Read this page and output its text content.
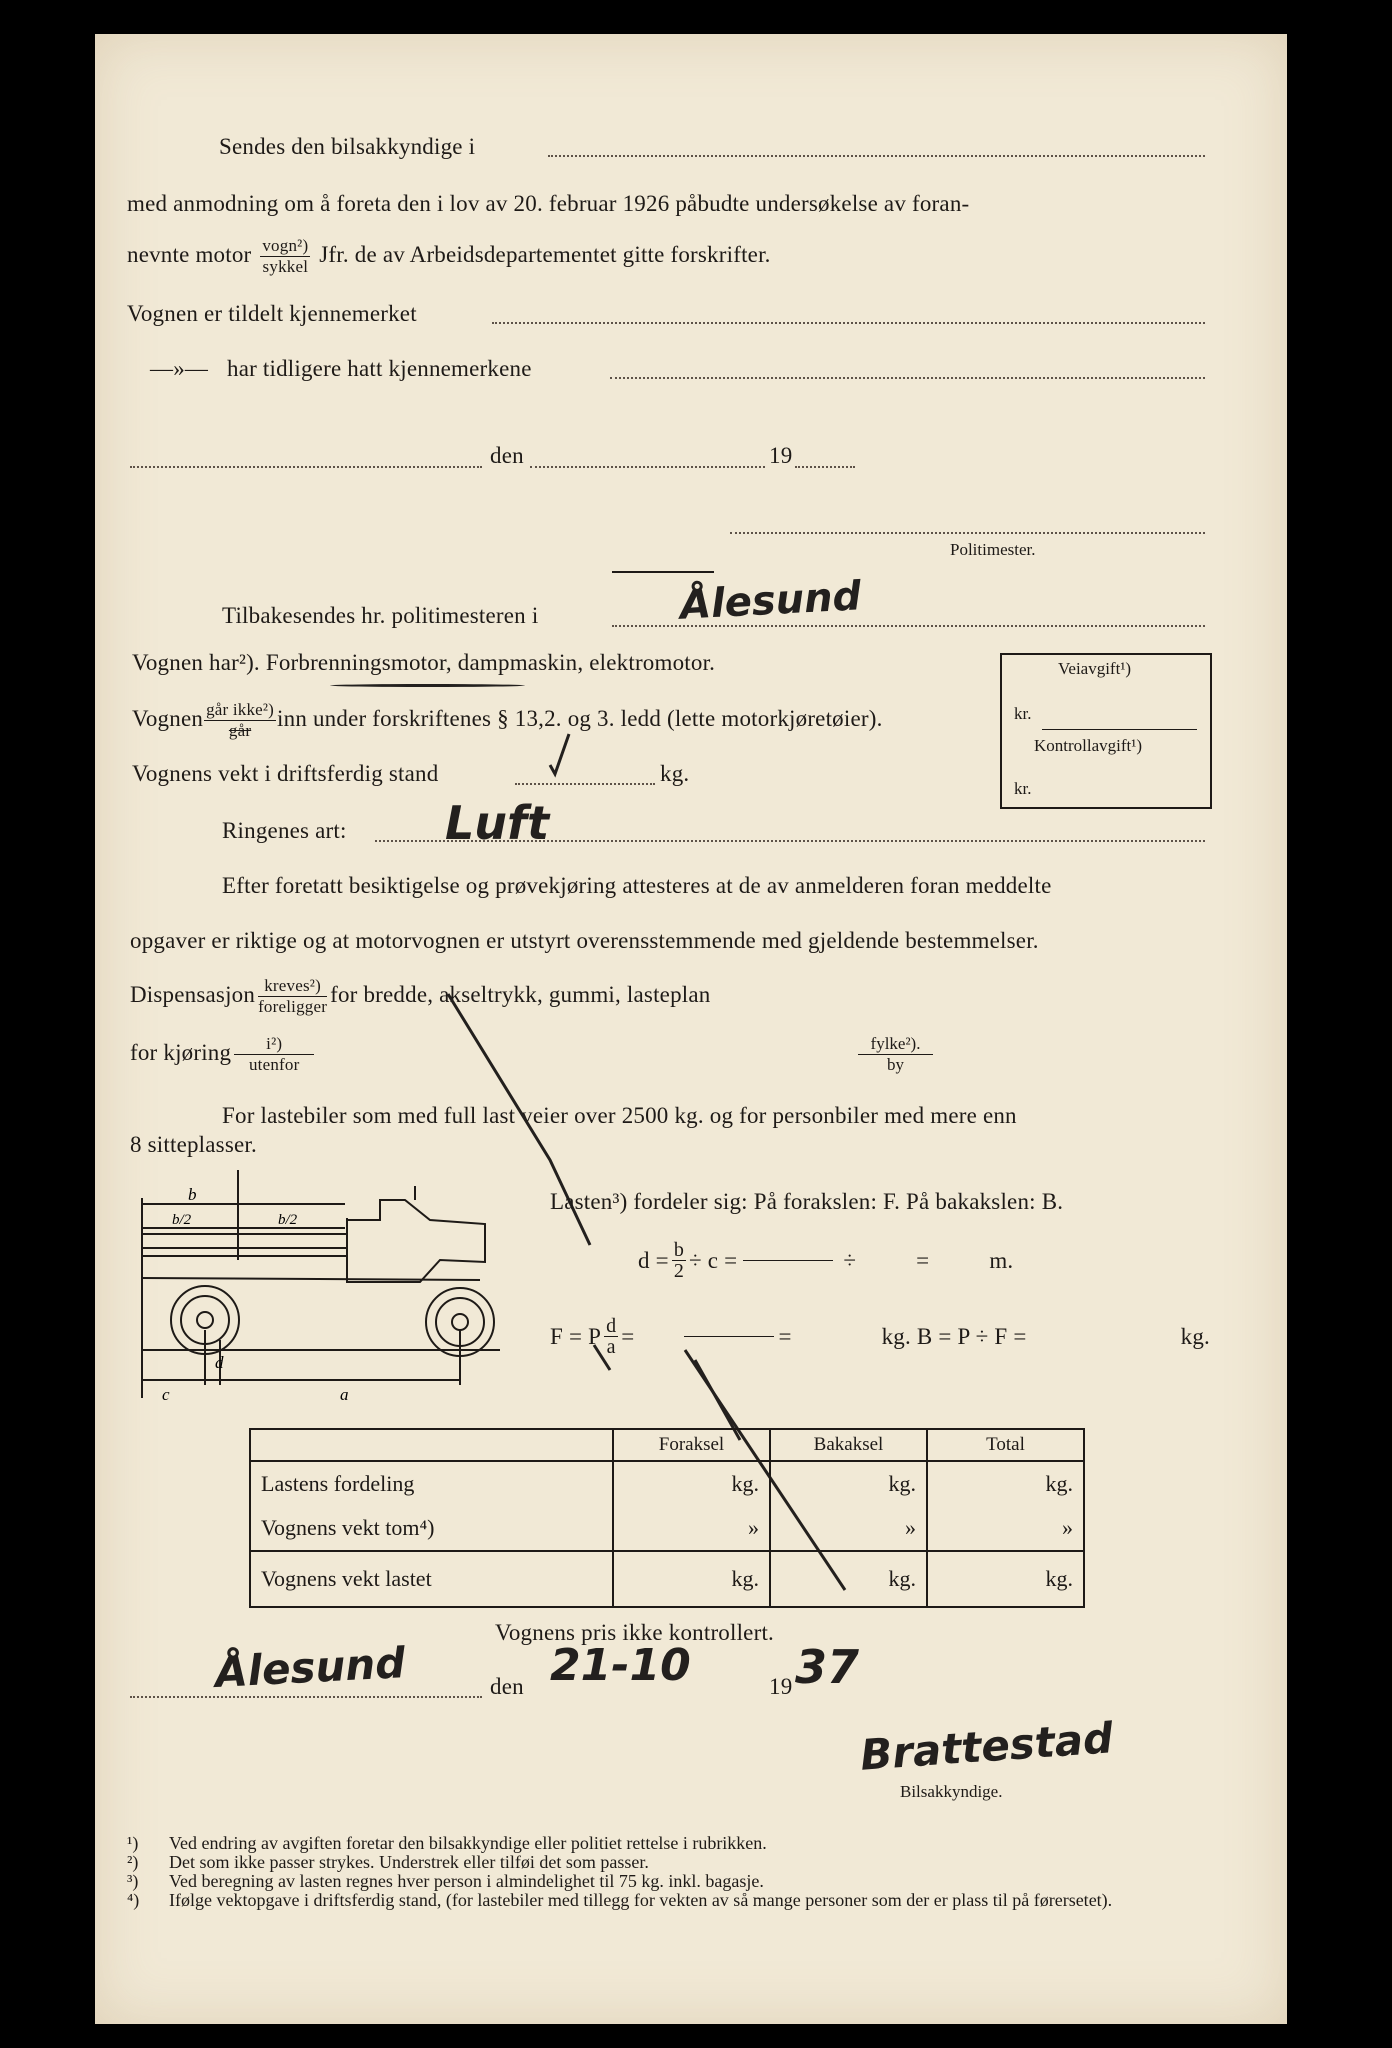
Sendes den bilsakkyndige i
med anmodning om å foreta den i lov av 20. februar 1926 påbudte undersøkelse av foran-
nevnte motor $\frac{\text{vogn²)}}{\text{sykkel}}$ Jfr. de av Arbeidsdepartementet gitte forskrifter.
Vognen er tildelt kjennemerket
—»— har tidligere hatt kjennemerkene
den	19
Politimester.
Tilbakesendes hr. politimesteren i	Ålesund
Vognen har²). Forbrenningsmotor, dampmaskin, elektromotor.
Vognen $\frac{\text{går ikke²)}}{\text{går}}$ inn under forskriftenes § 13,2. og 3. ledd (lette motorkjøretøier).
Vognens vekt i driftsferdig stand	kg.
Ringenes art: Luft
Veiavgift¹)
kr.
Kontrollavgift¹)
kr.
Efter foretatt besiktigelse og prøvekjøring attesteres at de av anmelderen foran meddelte
opgaver er riktige og at motorvognen er utstyrt overensstemmende med gjeldende bestemmelser.
Dispensasjon $\frac{\text{kreves²)}}{\text{foreligger}}$ for bredde, akseltrykk, gummi, lasteplan
for kjøring $\frac{\text{i²)}}{\text{utenfor}}$	fylke²).
by
For lastebiler som med full last veier over 2500 kg. og for personbiler med mere enn
8 sitteplasser.
b
b/2	b/2
c
d
a
Lasten³) fordeler sig: På forakslen: F. På bakakslen: B.
$d = \frac{b}{2} \div c$ =	÷	=	m.
F = P $\frac{d}{a}$ =	=	kg. B = P ÷ F =	kg.
	Foraksel	Bakaksel	Total
Lastens fordeling	kg.	kg.	kg.
Vognens vekt tom⁴)	»	»	»
Vognens vekt lastet	kg.	kg.	kg.
Vognens pris ikke kontrollert.
Ålesund	den 21-10	19 37
Brattestad
Bilsakkyndige.
¹)	Ved endring av avgiften foretar den bilsakkyndige eller politiet rettelse i rubrikken.
²)	Det som ikke passer strykes. Understrek eller tilføi det som passer.
³)	Ved beregning av lasten regnes hver person i almindelighet til 75 kg. inkl. bagasje.
⁴)	Ifølge vektopgave i driftsferdig stand, (for lastebiler med tillegg for vekten av så mange personer som der er plass til på førersetet).
